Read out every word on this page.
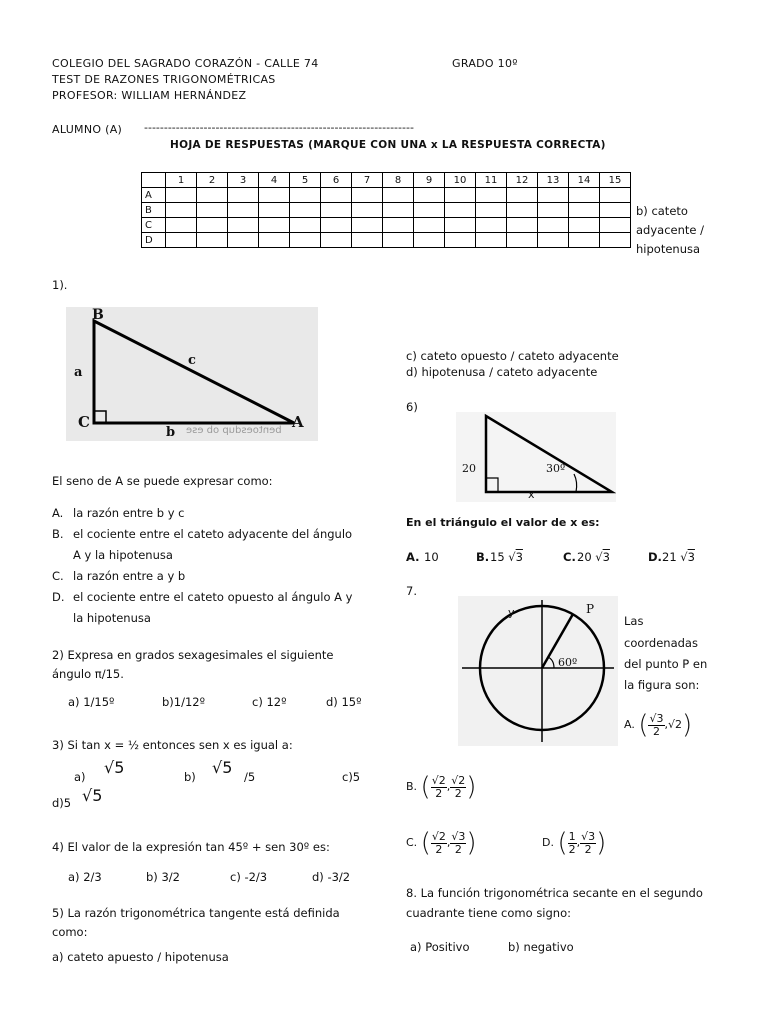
COLEGIO DEL SAGRADO CORAZÓN - CALLE 74	GRADO 10º
TEST DE RAZONES TRIGONOMÉTRICAS
PROFESOR: WILLIAM HERNÁNDEZ
ALUMNO (A) --------------------------------------------------------------------
HOJA DE RESPUESTAS (MARQUE CON UNA x LA RESPUESTA CORRECTA)
	1	2	3	4	5	6	7	8	9	10	11	12	13	14	15
A															
B															
C															
D															
b) cateto
adyacente /
hipotenusa
1).
B
C	A
a
b
c
bentoesdup ob ese
El seno de A se puede expresar como:
A. la razón entre b y c
B. el cociente entre el cateto adyacente del ángulo
A y la hipotenusa
C. la razón entre a y b
D. el cociente entre el cateto opuesto al ángulo A y
la hipotenusa
2) Expresa en grados sexagesimales el siguiente
ángulo π/15.
a) 1/15º	b)1/12º	c) 12º	d) 15º
3) Si tan x = ½ entonces sen x es igual a:
a) √5	b) √5 /5	c)5
d)5 √5
4) El valor de la expresión tan 45º + sen 30º es:
a) 2/3	b) 3/2	c) -2/3	d) -3/2
5) La razón trigonométrica tangente está definida
como:
a) cateto apuesto / hipotenusa
c) cateto opuesto / cateto adyacente
d) hipotenusa / cateto adyacente
6)
20	30º
x
En el triángulo el valor de x es:
A. 10	B. 15 √3	C. 20 √3	D. 21 √3
7.
P
60º
y
Las
coordenadas
del punto P en
la figura son:
A. ( $\frac{√3}{2} ,√2$)
B. ( $\frac{√2}{2}$ , $\frac{√2}{2}$ )
C. ( $\frac{√2}{2}$ , $\frac{√3}{2}$ )	D. ( $\frac{1}{2}$ , $\frac{√3}{2}$ )
8. La función trigonométrica secante en el segundo
cuadrante tiene como signo:
a) Positivo	b) negativo
